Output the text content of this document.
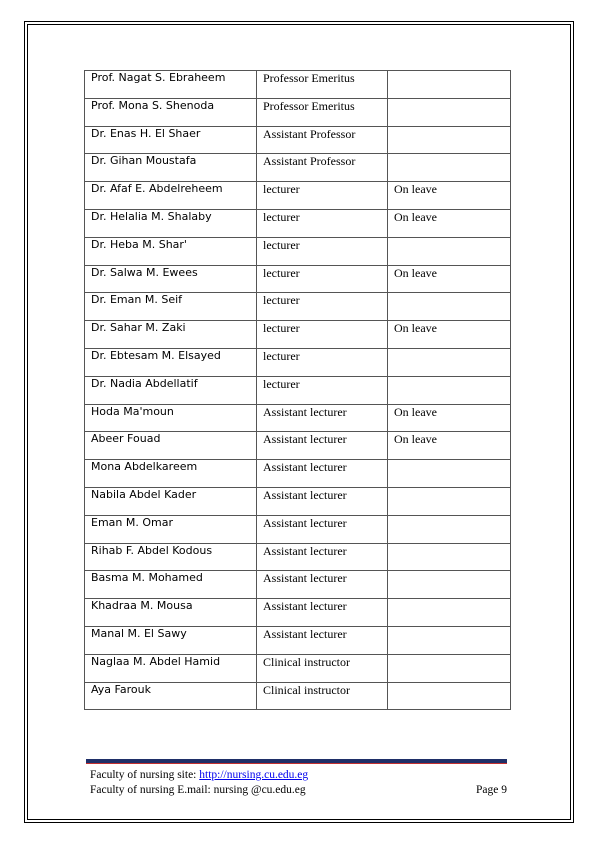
Prof. Nagat S. Ebraheem	Professor Emeritus	
Prof. Mona S. Shenoda	Professor Emeritus	
Dr. Enas H. El Shaer	Assistant Professor	
Dr. Gihan Moustafa	Assistant Professor	
Dr. Afaf E. Abdelreheem	lecturer	On leave
Dr. Helalia M. Shalaby	lecturer	On leave
Dr. Heba M. Shar'	lecturer	
Dr. Salwa M. Ewees	lecturer	On leave
Dr. Eman M. Seif	lecturer	
Dr. Sahar M. Zaki	lecturer	On leave
Dr. Ebtesam M. Elsayed	lecturer	
Dr. Nadia Abdellatif	lecturer	
Hoda Ma'moun	Assistant lecturer	On leave
Abeer Fouad	Assistant lecturer	On leave
Mona Abdelkareem	Assistant lecturer	
Nabila Abdel Kader	Assistant lecturer	
Eman M. Omar	Assistant lecturer	
Rihab F. Abdel Kodous	Assistant lecturer	
Basma M. Mohamed	Assistant lecturer	
Khadraa M. Mousa	Assistant lecturer	
Manal M. El Sawy	Assistant lecturer	
Naglaa M. Abdel Hamid	Clinical instructor	
Aya Farouk	Clinical instructor	
Faculty of nursing site: http://nursing.cu.edu.eg
Faculty of nursing E.mail: nursing @cu.edu.eg	Page 9
